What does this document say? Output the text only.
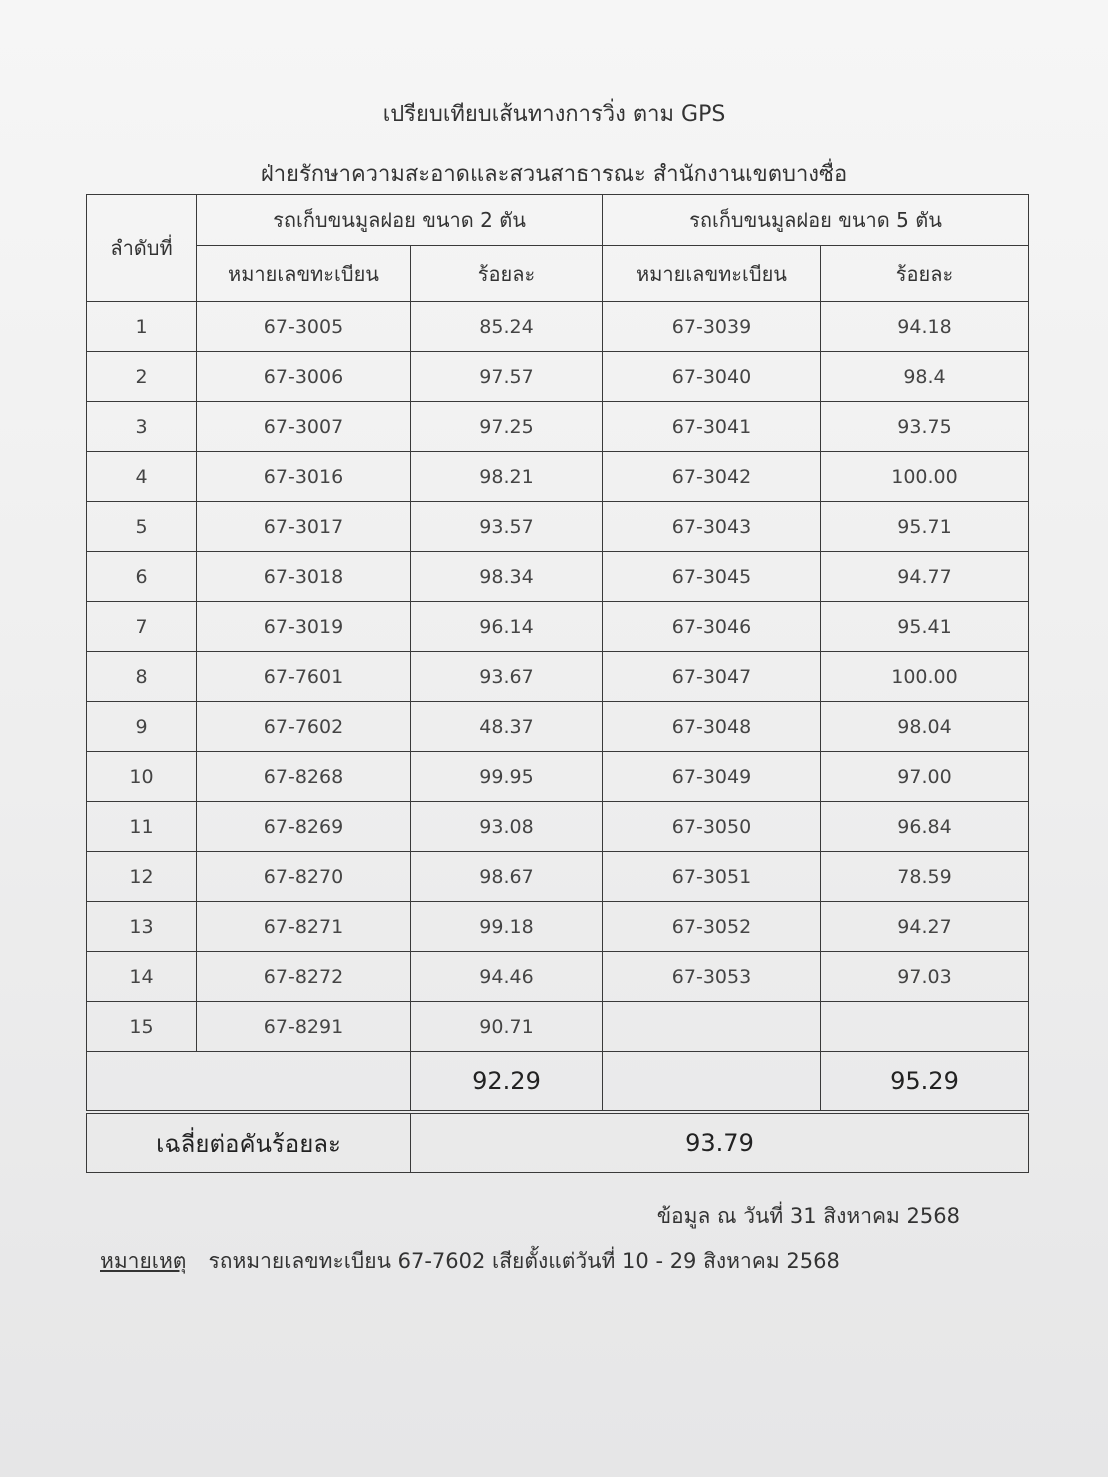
เปรียบเทียบเส้นทางการวิ่ง ตาม GPS
ฝ่ายรักษาความสะอาดและสวนสาธารณะ สำนักงานเขตบางซื่อ
ลำดับที่	รถเก็บขนมูลฝอย ขนาด 2 ตัน		รถเก็บขนมูลฝอย ขนาด 5 ตัน	
	หมายเลขทะเบียน	ร้อยละ	หมายเลขทะเบียน	ร้อยละ
1	67-3005	85.24	67-3039	94.18
2	67-3006	97.57	67-3040	98.4
3	67-3007	97.25	67-3041	93.75
4	67-3016	98.21	67-3042	100.00
5	67-3017	93.57	67-3043	95.71
6	67-3018	98.34	67-3045	94.77
7	67-3019	96.14	67-3046	95.41
8	67-7601	93.67	67-3047	100.00
9	67-7602	48.37	67-3048	98.04
10	67-8268	99.95	67-3049	97.00
11	67-8269	93.08	67-3050	96.84
12	67-8270	98.67	67-3051	78.59
13	67-8271	99.18	67-3052	94.27
14	67-8272	94.46	67-3053	97.03
15	67-8291	90.71		
		92.29		95.29
เฉลี่ยต่อคันร้อยละ		93.79		
ข้อมูล ณ วันที่ 31 สิงหาคม 2568
หมายเหตุ รถหมายเลขทะเบียน 67-7602 เสียตั้งแต่วันที่ 10 - 29 สิงหาคม 2568
